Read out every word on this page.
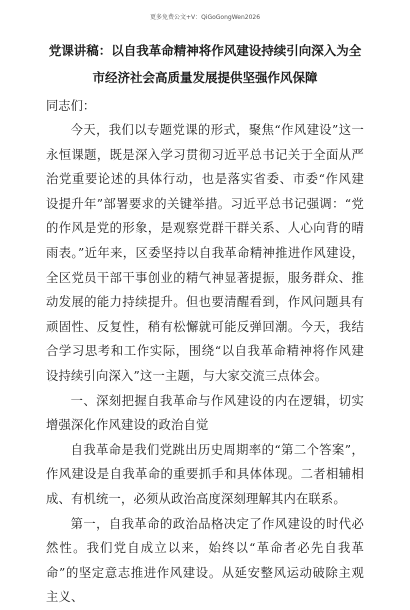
更多免费公文+V：QiGoGongWen2026

党课讲稿：以自我革命精神将作风建设持续引向深入为全

市经济社会高质量发展提供坚强作风保障

同志们：

今天，我们以专题党课的形式，聚焦“作风建设”这一永恒课题，既是深入学习贯彻习近平总书记关于全面从严治党重要论述的具体行动，也是落实省委、市委“作风建设提升年”部署要求的关键举措。习近平总书记强调：“党的作风是党的形象，是观察党群干群关系、人心向背的晴雨表。”近年来，区委坚持以自我革命精神推进作风建设，全区党员干部干事创业的精气神显著提振，服务群众、推动发展的能力持续提升。但也要清醒看到，作风问题具有顽固性、反复性，稍有松懈就可能反弹回潮。今天，我结合学习思考和工作实际，围绕“以自我革命精神将作风建设持续引向深入”这一主题，与大家交流三点体会。

一、深刻把握自我革命与作风建设的内在逻辑，切实增强深化作风建设的政治自觉

自我革命是我们党跳出历史周期率的“第二个答案”，作风建设是自我革命的重要抓手和具体体现。二者相辅相成、有机统一，必须从政治高度深刻理解其内在联系。

第一，自我革命的政治品格决定了作风建设的时代必然性。我们党自成立以来，始终以“革命者必先自我革命”的坚定意志推进作风建设。从延安整风运动破除主观主义、
